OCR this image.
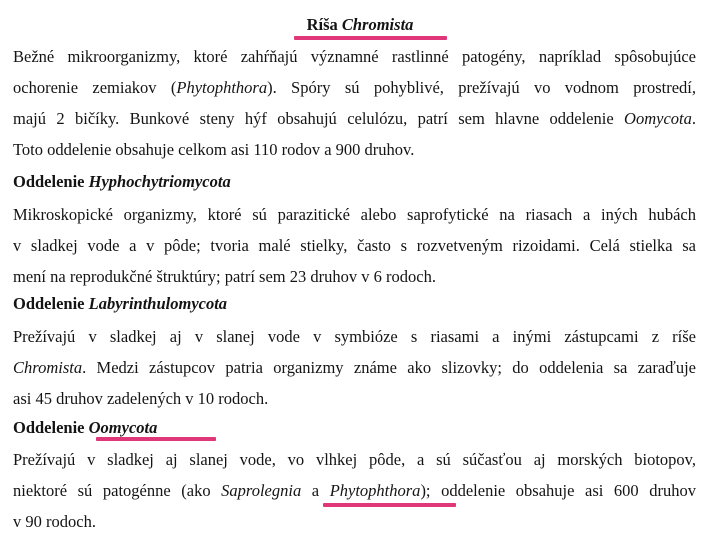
Ríša Chromista
Bežné mikroorganizmy, ktoré zahŕňajú významné rastlinné patogény, napríklad spôsobujúce
ochorenie zemiakov (Phytophthora). Spóry sú pohyblivé, prežívajú vo vodnom prostredí,
majú 2 bičíky. Bunkové steny hýf obsahujú celulózu, patrí sem hlavne oddelenie Oomycota.
Toto oddelenie obsahuje celkom asi 110 rodov a 900 druhov.
Oddelenie Hyphochytriomycota
Mikroskopické organizmy, ktoré sú parazitické alebo saprofytické na riasach a iných hubách
v sladkej vode a v pôde; tvoria malé stielky, často s rozvetveným rizoidami. Celá stielka sa
mení na reprodukčné štruktúry; patrí sem 23 druhov v 6 rodoch.
Oddelenie Labyrinthulomycota
Prežívajú v sladkej aj v slanej vode v symbióze s riasami a inými zástupcami z ríše
Chromista. Medzi zástupcov patria organizmy známe ako slizovky; do oddelenia sa zaraďuje
asi 45 druhov zadelených v 10 rodoch.
Oddelenie Oomycota
Prežívajú v sladkej aj slanej vode, vo vlhkej pôde, a sú súčasťou aj morských biotopov,
niektoré sú patogénne (ako Saprolegnia a Phytophthora); oddelenie obsahuje asi 600 druhov
v 90 rodoch.
